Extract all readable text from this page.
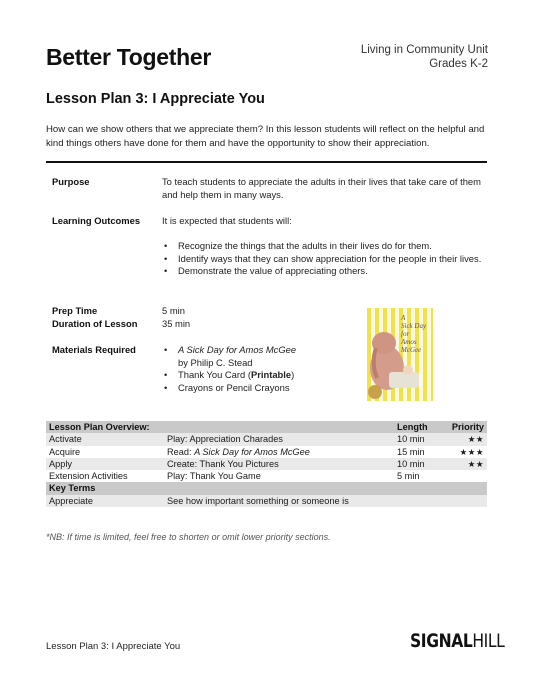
Better Together	Living in Community Unit
Grades K-2
Lesson Plan 3: I Appreciate You
How can we show others that we appreciate them? In this lesson students will reflect on the helpful and kind things others have done for them and have the opportunity to show their appreciation.
Purpose	To teach students to appreciate the adults in their lives that take care of them and help them in many ways.
Learning Outcomes It is expected that students will:
• Recognize the things that the adults in their lives do for them.
• Identify ways that they can show appreciation for the people in their lives.
• Demonstrate the value of appreciating others.
Prep Time	5 min
Duration of Lesson	35 min
Materials Required	• A Sick Day for Amos McGee
by Philip C. Stead
• Thank You Card (Printable)
• Crayons or Pencil Crayons
A
Sick Day
for
Amos
McGee
Lesson Plan Overview:		Length	Priority
Activate	Play: Appreciation Charades	10 min	★★
Acquire	Read: A Sick Day for Amos McGee	15 min	★★★
Apply	Create: Thank You Pictures	10 min	★★
Extension Activities	Play: Thank You Game	5 min	
Key Terms			
Appreciate	See how important something or someone is		
*NB: If time is limited, feel free to shorten or omit lower priority sections.
Lesson Plan 3: I Appreciate You	SIGNALHILL
